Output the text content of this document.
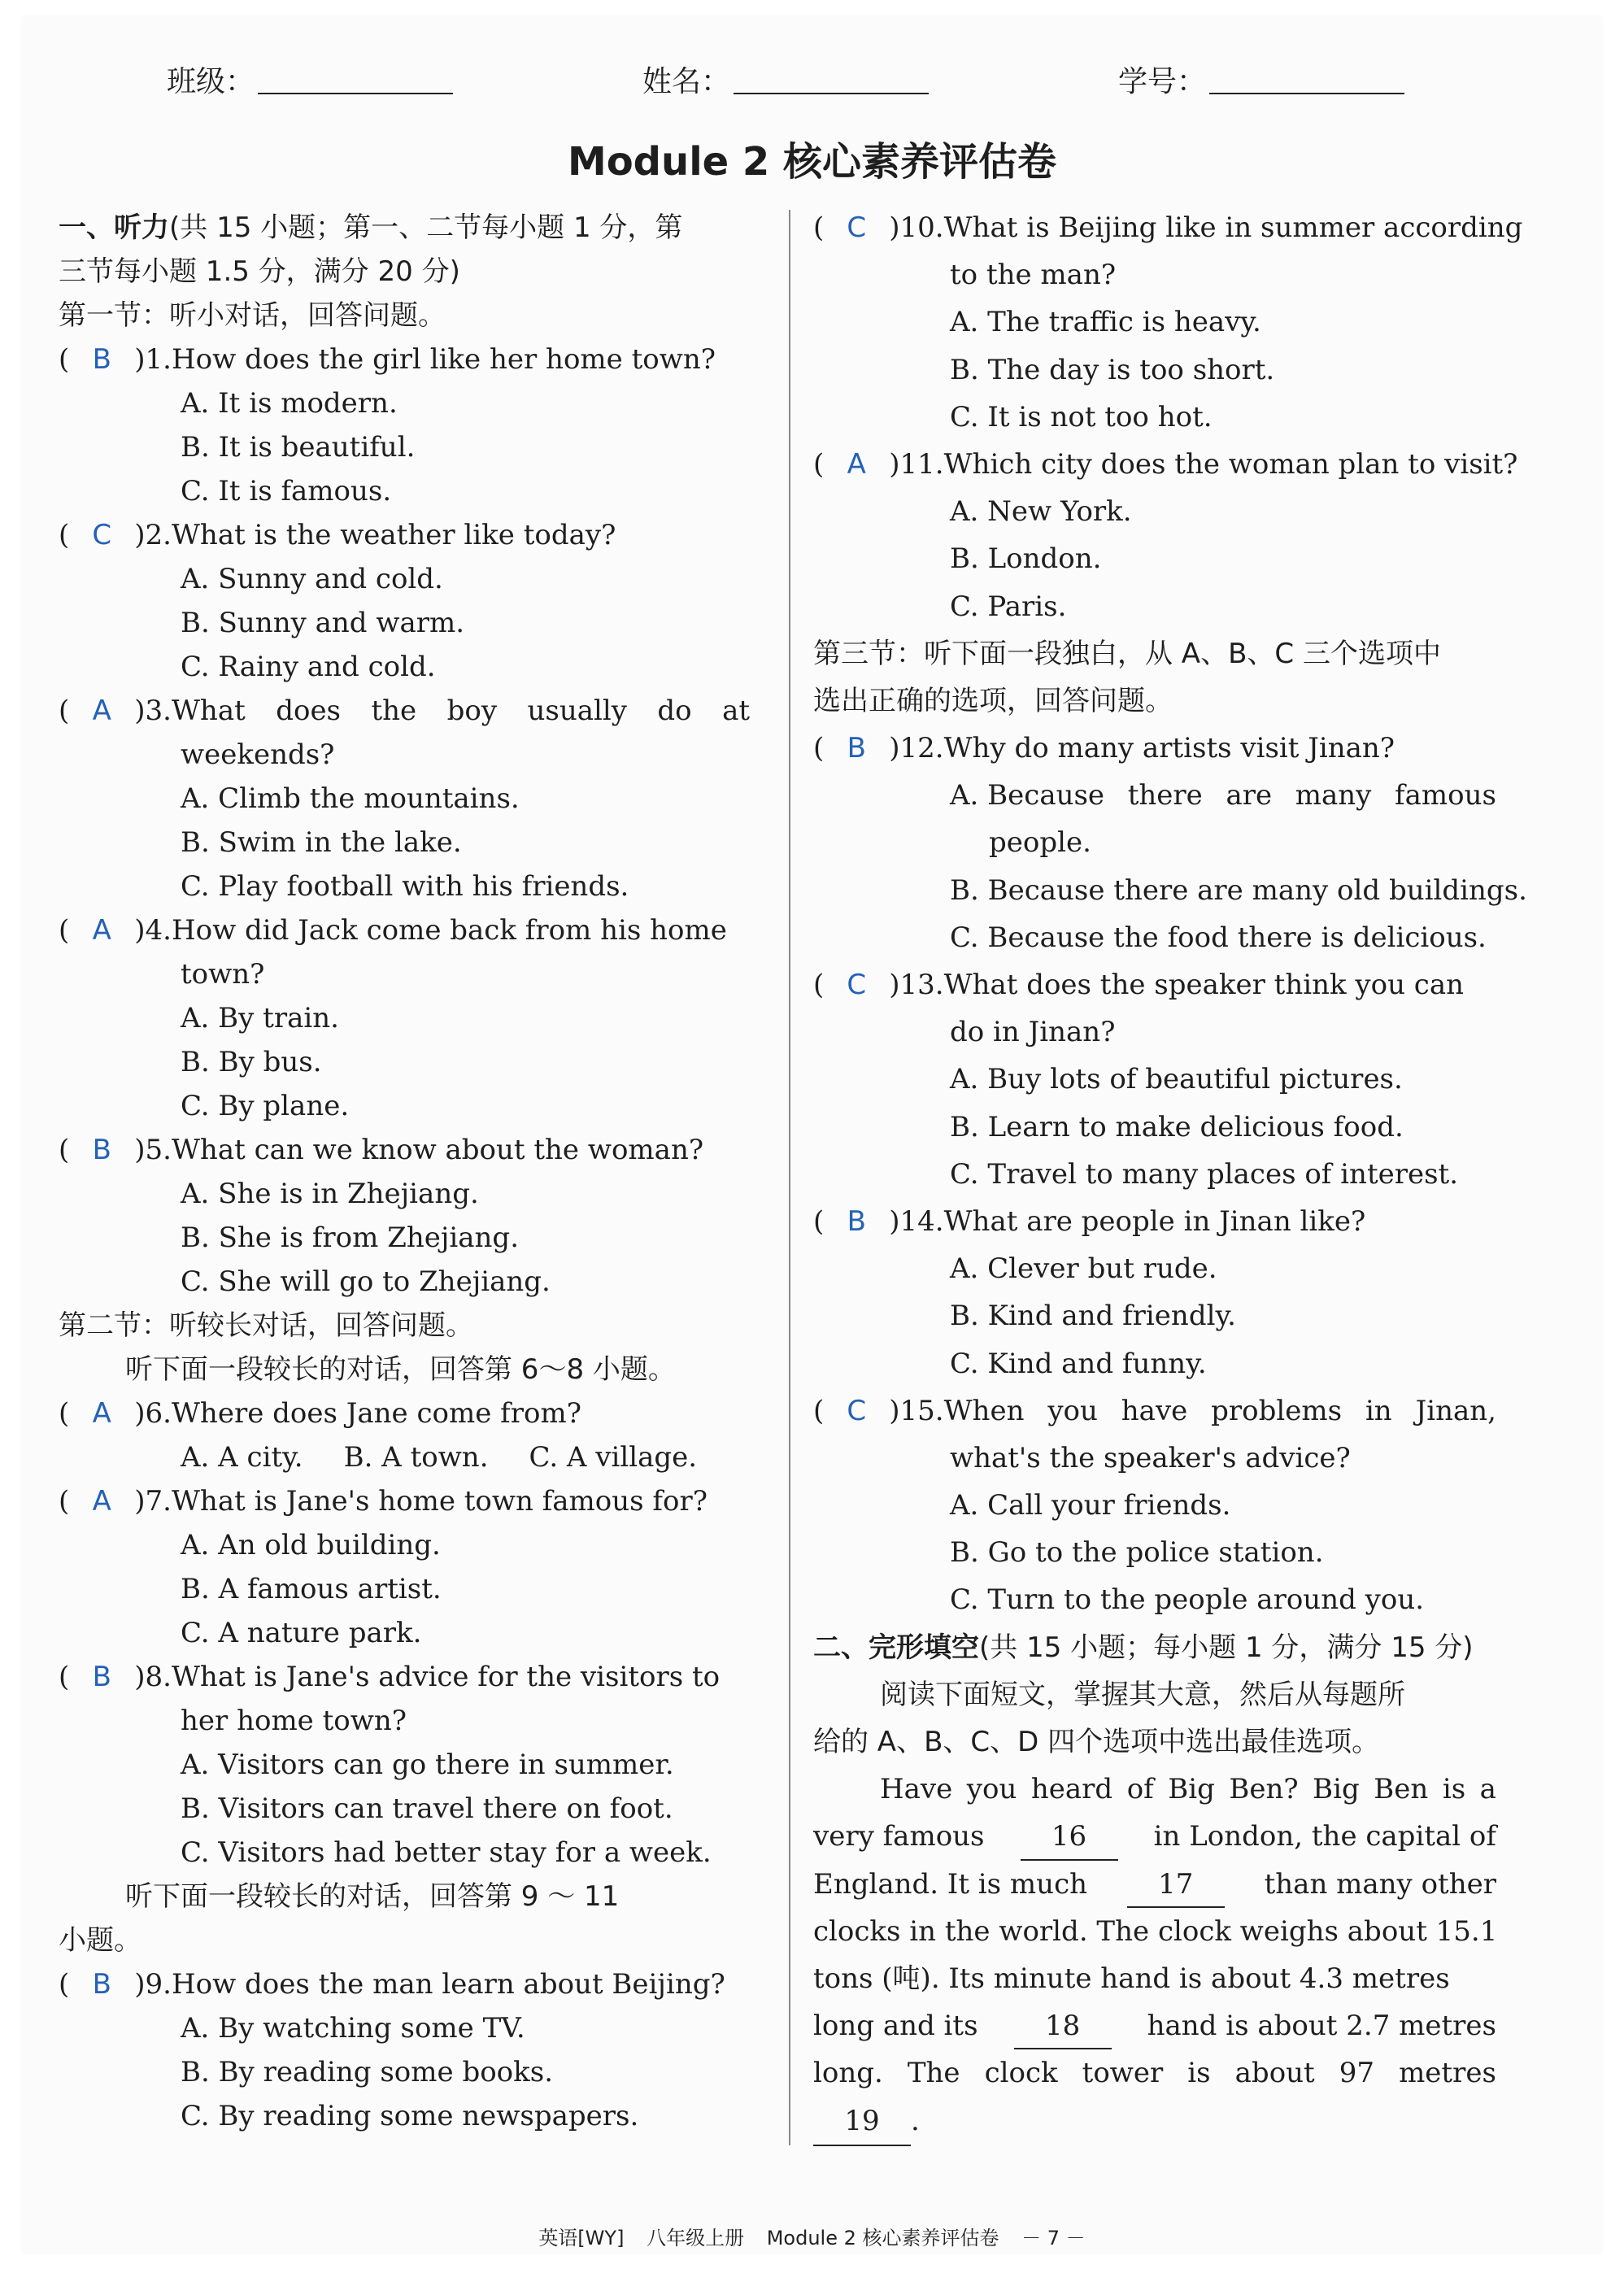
班级：	姓名：	学号：
Module 2 核心素养评估卷
一、听力(共 15 小题；第一、二节每小题 1 分，第
三节每小题 1.5 分，满分 20 分)
第一节：听小对话，回答问题。
( B )1.How does the girl like her home town?
A. It is modern.
B. It is beautiful.
C. It is famous.
( C )2.What is the weather like today?
A. Sunny and cold.
B. Sunny and warm.
C. Rainy and cold.
( A )3. What does the boy usually do at
weekends?
A. Climb the mountains.
B. Swim in the lake.
C. Play football with his friends.
( A )4.How did Jack come back from his home
town?
A. By train.
B. By bus.
C. By plane.
( B )5.What can we know about the woman?
A. She is in Zhejiang.
B. She is from Zhejiang.
C. She will go to Zhejiang.
第二节：听较长对话，回答问题。
听下面一段较长的对话，回答第 6～8 小题。
( A )6.Where does Jane come from?
A. A city. B. A town. C. A village.
( A )7.What is Jane's home town famous for?
A. An old building.
B. A famous artist.
C. A nature park.
( B )8.What is Jane's advice for the visitors to
her home town?
A. Visitors can go there in summer.
B. Visitors can travel there on foot.
C. Visitors had better stay for a week.
听下面一段较长的对话，回答第 9 ～ 11
小题。
( B )9.How does the man learn about Beijing?
A. By watching some TV.
B. By reading some books.
C. By reading some newspapers.
( C )10.What is Beijing like in summer according
to the man?
A. The traffic is heavy.
B. The day is too short.
C. It is not too hot.
( A )11.Which city does the woman plan to visit?
A. New York.
B. London.
C. Paris.
第三节：听下面一段独白，从 A、B、C 三个选项中
选出正确的选项，回答问题。
( B )12.Why do many artists visit Jinan?
A. Because there are many famous
people.
B. Because there are many old buildings.
C. Because the food there is delicious.
( C )13.What does the speaker think you can
do in Jinan?
A. Buy lots of beautiful pictures.
B. Learn to make delicious food.
C. Travel to many places of interest.
( B )14.What are people in Jinan like?
A. Clever but rude.
B. Kind and friendly.
C. Kind and funny.
( C )15. When you have problems in Jinan,
what's the speaker's advice?
A. Call your friends.
B. Go to the police station.
C. Turn to the people around you.
二、完形填空(共 15 小题；每小题 1 分，满分 15 分)
阅读下面短文，掌握其大意，然后从每题所
给的 A、B、C、D 四个选项中选出最佳选项。
Have you heard of Big Ben? Big Ben is a
very famous	16	in London, the capital of
England. It is much	17	than many other
clocks in the world. The clock weighs about 15.1
tons (吨). Its minute hand is about 4.3 metres
long and its	18	hand is about 2.7 metres
long. The clock tower is about 97 metres
19 .
英语[WY] 八年级上册 Module 2 核心素养评估卷 － 7 －
